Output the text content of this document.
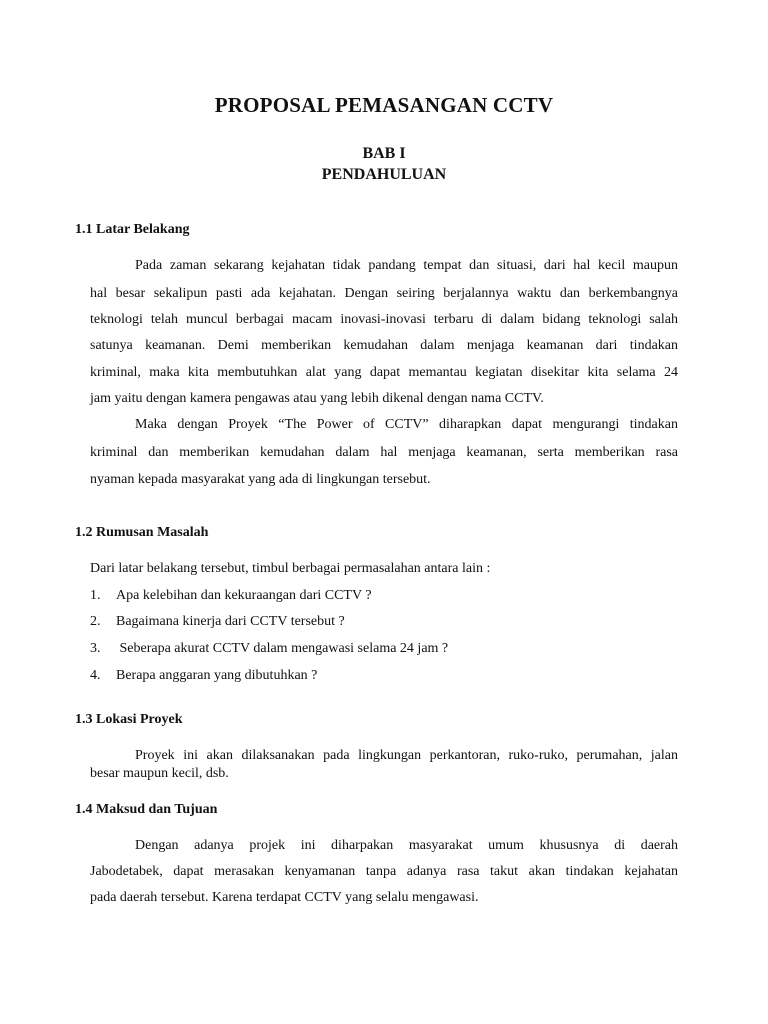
PROPOSAL PEMASANGAN CCTV
BAB I
PENDAHULUAN
1.1 Latar Belakang
Pada zaman sekarang kejahatan tidak pandang tempat dan situasi, dari hal kecil maupun
hal besar sekalipun pasti ada kejahatan. Dengan seiring berjalannya waktu dan berkembangnya
teknologi telah muncul berbagai macam inovasi-inovasi terbaru di dalam bidang teknologi salah
satunya keamanan. Demi memberikan kemudahan dalam menjaga keamanan dari tindakan
kriminal, maka kita membutuhkan alat yang dapat memantau kegiatan disekitar kita selama 24
jam yaitu dengan kamera pengawas atau yang lebih dikenal dengan nama CCTV.
Maka dengan Proyek “The Power of CCTV” diharapkan dapat mengurangi tindakan
kriminal dan memberikan kemudahan dalam hal menjaga keamanan, serta memberikan rasa
nyaman kepada masyarakat yang ada di lingkungan tersebut.
1.2 Rumusan Masalah
Dari latar belakang tersebut, timbul berbagai permasalahan antara lain :
1. Apa kelebihan dan kekuraangan dari CCTV ?
2. Bagaimana kinerja dari CCTV tersebut ?
3. Seberapa akurat CCTV dalam mengawasi selama 24 jam ?
4. Berapa anggaran yang dibutuhkan ?
1.3 Lokasi Proyek
Proyek ini akan dilaksanakan pada lingkungan perkantoran, ruko-ruko, perumahan, jalan
besar maupun kecil, dsb.
1.4 Maksud dan Tujuan
Dengan adanya projek ini diharpakan masyarakat umum khususnya di daerah
Jabodetabek, dapat merasakan kenyamanan tanpa adanya rasa takut akan tindakan kejahatan
pada daerah tersebut. Karena terdapat CCTV yang selalu mengawasi.
